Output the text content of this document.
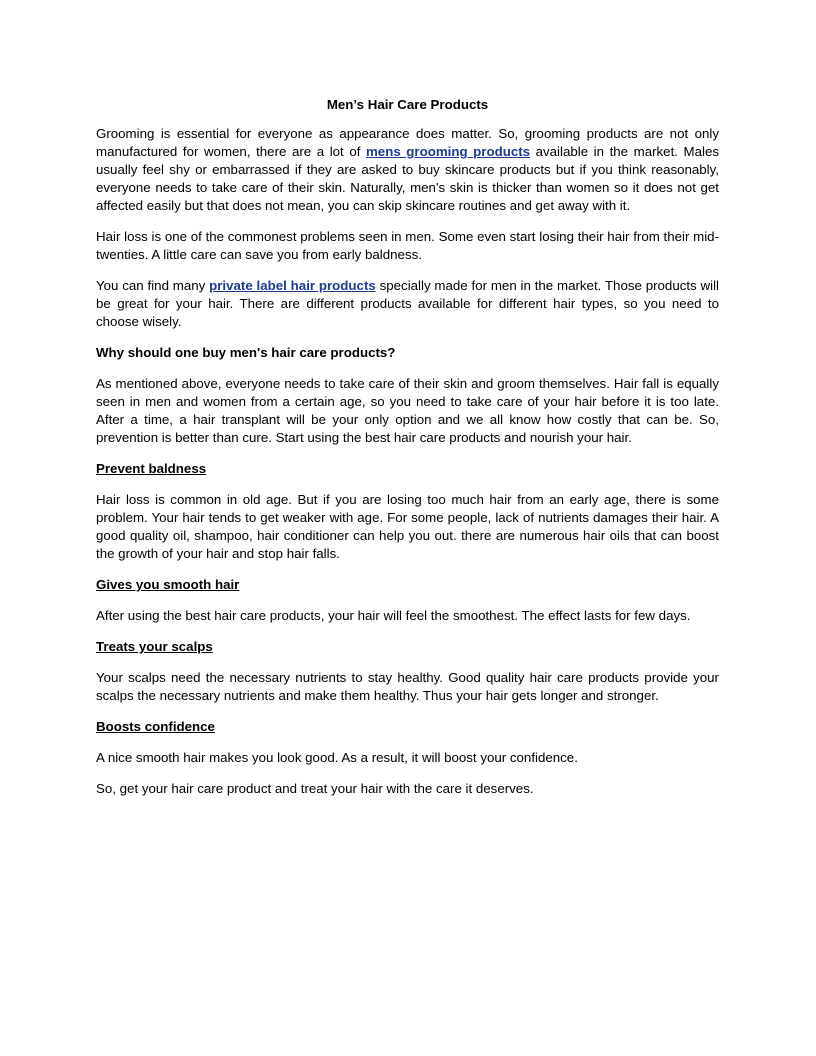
Men’s Hair Care Products

Grooming is essential for everyone as appearance does matter. So, grooming products are not only manufactured for women, there are a lot of mens grooming products available in the market. Males usually feel shy or embarrassed if they are asked to buy skincare products but if you think reasonably, everyone needs to take care of their skin. Naturally, men's skin is thicker than women so it does not get affected easily but that does not mean, you can skip skincare routines and get away with it.

Hair loss is one of the commonest problems seen in men. Some even start losing their hair from their mid-twenties. A little care can save you from early baldness.

You can find many private label hair products specially made for men in the market. Those products will be great for your hair. There are different products available for different hair types, so you need to choose wisely.

Why should one buy men's hair care products?

As mentioned above, everyone needs to take care of their skin and groom themselves. Hair fall is equally seen in men and women from a certain age, so you need to take care of your hair before it is too late. After a time, a hair transplant will be your only option and we all know how costly that can be. So, prevention is better than cure. Start using the best hair care products and nourish your hair.

Prevent baldness

Hair loss is common in old age. But if you are losing too much hair from an early age, there is some problem. Your hair tends to get weaker with age. For some people, lack of nutrients damages their hair. A good quality oil, shampoo, hair conditioner can help you out. there are numerous hair oils that can boost the growth of your hair and stop hair falls.

Gives you smooth hair

After using the best hair care products, your hair will feel the smoothest. The effect lasts for few days.

Treats your scalps

Your scalps need the necessary nutrients to stay healthy. Good quality hair care products provide your scalps the necessary nutrients and make them healthy. Thus your hair gets longer and stronger.

Boosts confidence

A nice smooth hair makes you look good. As a result, it will boost your confidence.

So, get your hair care product and treat your hair with the care it deserves.
